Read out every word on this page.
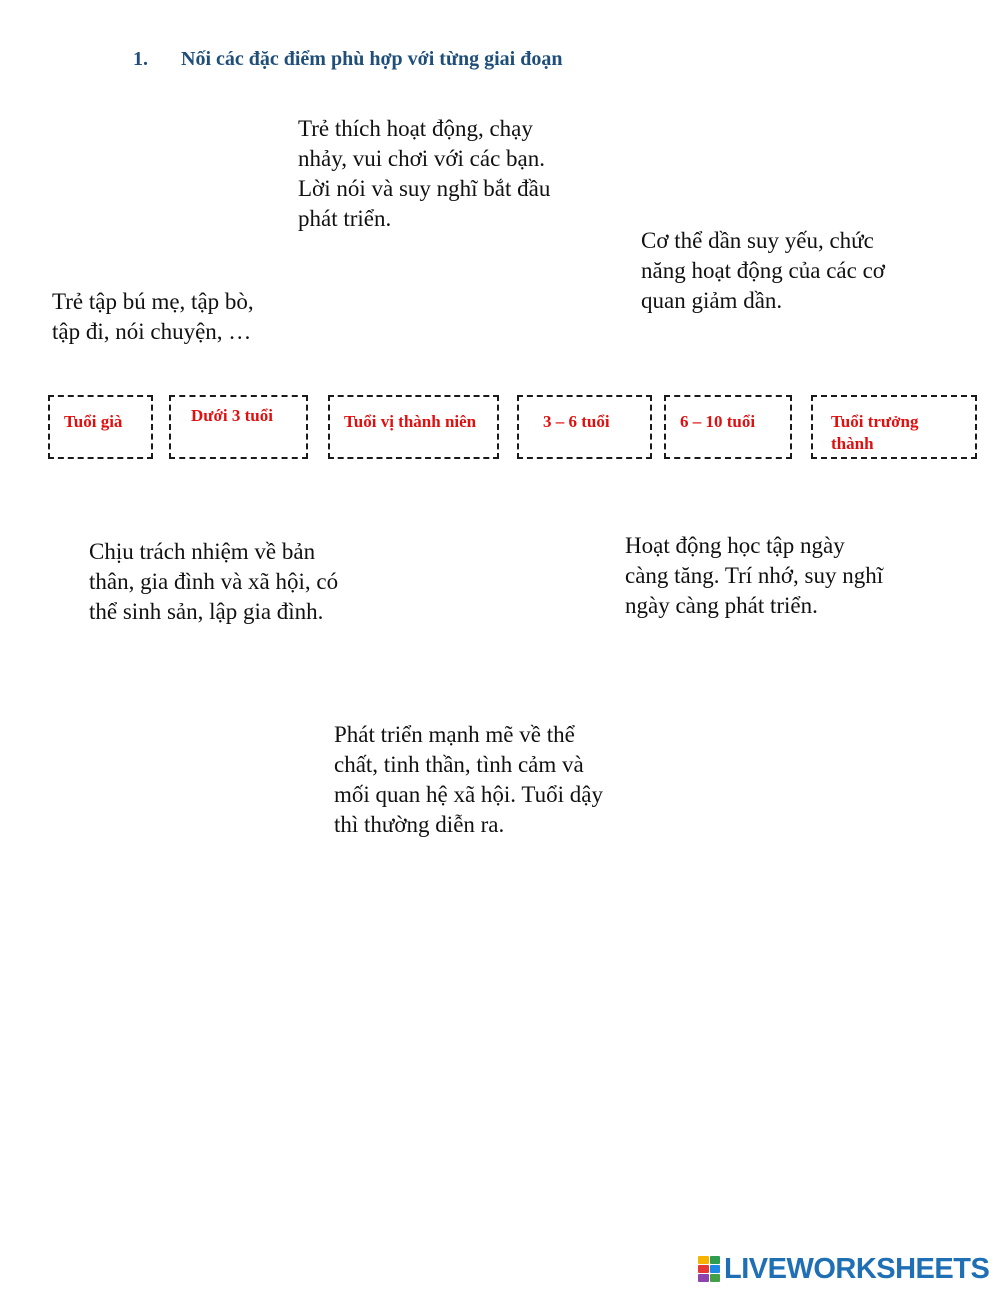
1. Nối các đặc điểm phù hợp với từng giai đoạn
Trẻ thích hoạt động, chạy
nhảy, vui chơi với các bạn.
Lời nói và suy nghĩ bắt đầu
phát triển.
Cơ thể dần suy yếu, chức
năng hoạt động của các cơ
quan giảm dần.
Trẻ tập bú mẹ, tập bò,
tập đi, nói chuyện, …
Tuổi già	Dưới 3 tuổi	Tuổi vị thành niên	3 – 6 tuổi	6 – 10 tuổi	Tuổi trưởng thành
Chịu trách nhiệm về bản
thân, gia đình và xã hội, có
thể sinh sản, lập gia đình.
Hoạt động học tập ngày
càng tăng. Trí nhớ, suy nghĩ
ngày càng phát triển.
Phát triển mạnh mẽ về thể
chất, tinh thần, tình cảm và
mối quan hệ xã hội. Tuổi dậy
thì thường diễn ra.
LIVEWORKSHEETS
